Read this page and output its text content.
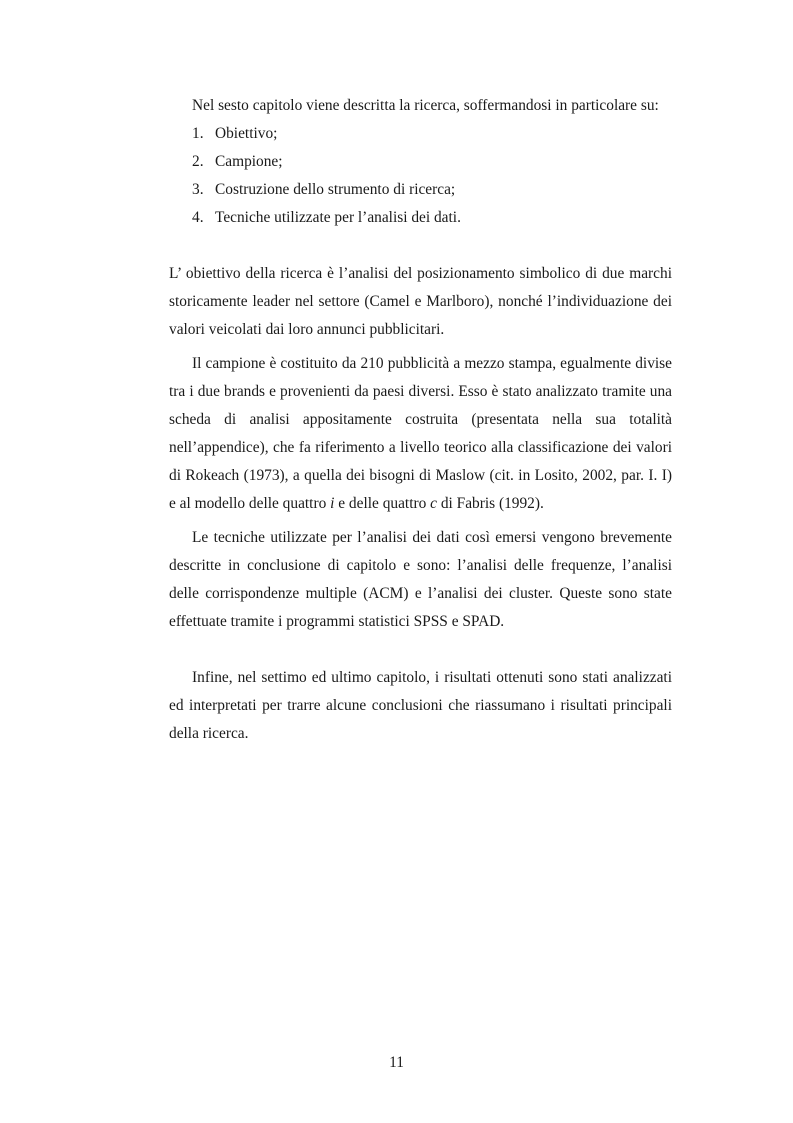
Nel sesto capitolo viene descritta la ricerca, soffermandosi in particolare su:

1. Obiettivo;
2. Campione;
3. Costruzione dello strumento di ricerca;
4. Tecniche utilizzate per l’analisi dei dati.

L’ obiettivo della ricerca è l’analisi del posizionamento simbolico di due marchi storicamente leader nel settore (Camel e Marlboro), nonché l’individuazione dei valori veicolati dai loro annunci pubblicitari.

Il campione è costituito da 210 pubblicità a mezzo stampa, egualmente divise tra i due brands e provenienti da paesi diversi. Esso è stato analizzato tramite una scheda di analisi appositamente costruita (presentata nella sua totalità nell’appendice), che fa riferimento a livello teorico alla classificazione dei valori di Rokeach (1973), a quella dei bisogni di Maslow (cit. in Losito, 2002, par. I. I) e al modello delle quattro i e delle quattro c di Fabris (1992).

Le tecniche utilizzate per l’analisi dei dati così emersi vengono brevemente descritte in conclusione di capitolo e sono: l’analisi delle frequenze, l’analisi delle corrispondenze multiple (ACM) e l’analisi dei cluster. Queste sono state effettuate tramite i programmi statistici SPSS e SPAD.

Infine, nel settimo ed ultimo capitolo, i risultati ottenuti sono stati analizzati ed interpretati per trarre alcune conclusioni che riassumano i risultati principali della ricerca.

11
